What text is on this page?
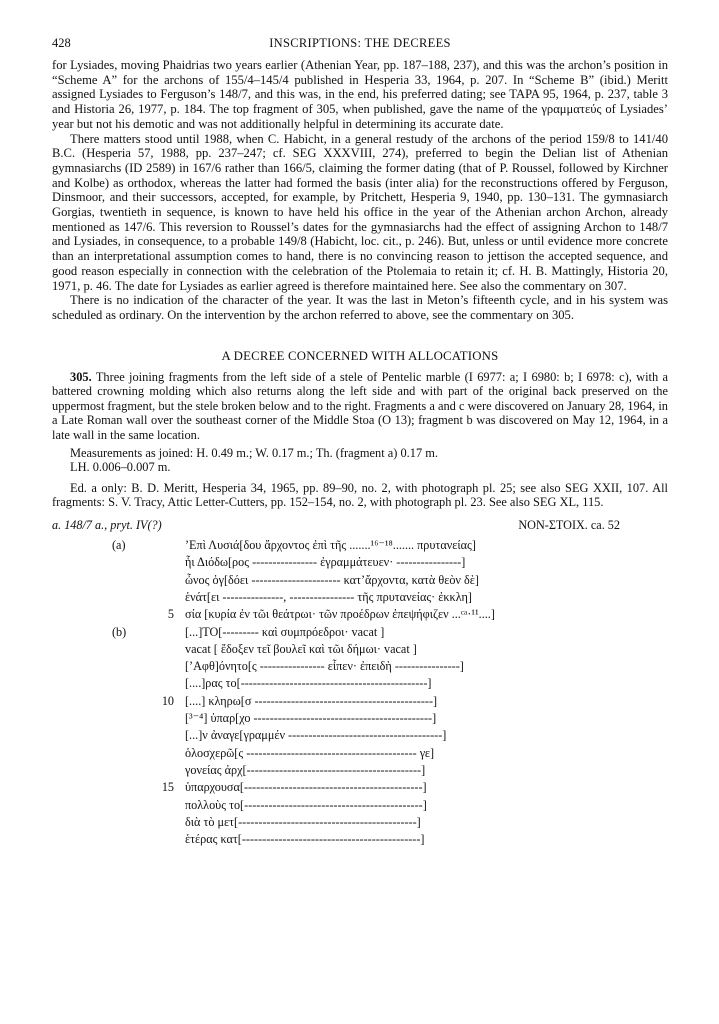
428	INSCRIPTIONS: THE DECREES

for Lysiades, moving Phaidrias two years earlier (Athenian Year, pp. 187–188, 237), and this was the archon’s position in “Scheme A” for the archons of 155/4–145/4 published in Hesperia 33, 1964, p. 207. In “Scheme B” (ibid.) Meritt assigned Lysiades to Ferguson’s 148/7, and this was, in the end, his preferred dating; see TAPA 95, 1964, p. 237, table 3 and Historia 26, 1977, p. 184. The top fragment of 305, when published, gave the name of the γραμματεύς of Lysiades’ year but not his demotic and was not additionally helpful in determining its accurate date.

There matters stood until 1988, when C. Habicht, in a general restudy of the archons of the period 159/8 to 141/40 B.C. (Hesperia 57, 1988, pp. 237–247; cf. SEG XXXVIII, 274), preferred to begin the Delian list of Athenian gymnasiarchs (ID 2589) in 167/6 rather than 166/5, claiming the former dating (that of P. Roussel, followed by Kirchner and Kolbe) as orthodox, whereas the latter had formed the basis (inter alia) for the reconstructions offered by Ferguson, Dinsmoor, and their successors, accepted, for example, by Pritchett, Hesperia 9, 1940, pp. 130–131. The gymnasiarch Gorgias, twentieth in sequence, is known to have held his office in the year of the Athenian archon Archon, already mentioned as 147/6. This reversion to Roussel’s dates for the gymnasiarchs had the effect of assigning Archon to 148/7 and Lysiades, in consequence, to a probable 149/8 (Habicht, loc. cit., p. 246). But, unless or until evidence more concrete than an interpretational assumption comes to hand, there is no convincing reason to jettison the accepted sequence, and good reason especially in connection with the celebration of the Ptolemaia to retain it; cf. H. B. Mattingly, Historia 20, 1971, p. 46. The date for Lysiades as earlier agreed is therefore maintained here. See also the commentary on 307.

There is no indication of the character of the year. It was the last in Meton’s fifteenth cycle, and in his system was scheduled as ordinary. On the intervention by the archon referred to above, see the commentary on 305.

A DECREE CONCERNED WITH ALLOCATIONS

305. Three joining fragments from the left side of a stele of Pentelic marble (I 6977: a; I 6980: b; I 6978: c), with a battered crowning molding which also returns along the left side and with part of the original back preserved on the uppermost fragment, but the stele broken below and to the right. Fragments a and c were discovered on January 28, 1964, in a Late Roman wall over the southeast corner of the Middle Stoa (O 13); fragment b was discovered on May 12, 1964, in a late wall in the same location.

Measurements as joined: H. 0.49 m.; W. 0.17 m.; Th. (fragment a) 0.17 m.

LH. 0.006–0.007 m.

Ed. a only: B. D. Meritt, Hesperia 34, 1965, pp. 89–90, no. 2, with photograph pl. 25; see also SEG XXII, 107. All fragments: S. V. Tracy, Attic Letter-Cutters, pp. 152–154, no. 2, with photograph pl. 23. See also SEG XL, 115.

a. 148/7 a., pryt. IV(?)	NON-ΣΤΟΙΧ. ca. 52
(a)	’Επὶ Λυσιά[δου ἄρχοντος ἐπὶ τῆς .......¹⁶⁻¹⁸....... πρυτανείας]
ἧι Διόδω[ρος ---------------- ἐγραμμάτευεν· ----------------]
ὦνος ὀγ[δόει ---------------------- κατ’ἄρχοντα, κατὰ θεὸν δὲ]
ἑνάτ[ει ---------------, ---------------- τῆς πρυτανείας· ἐκκλη]
5 σία [κυρία ἐν τῶι θεάτρωι· τῶν προέδρων ἐπεψήφιζεν ...ᶜᵃ·¹¹....]
(b)	[...]ΤΟ[--------- καὶ συμπρόεδροι· vacat ]
vacat [ ἔδοξεν τεῖ βουλεῖ καὶ τῶι δήμωι· vacat ]
[’Αφθ]όνητο[ς ---------------- εἶπεν· ἐπειδὴ ----------------]
[....]ρας το[----------------------------------------------]
10 [....] κληρω[σ --------------------------------------------]
[³⁻⁴] ὑπαρ[χο --------------------------------------------]
[...]ν ἀναγε[γραμμέν --------------------------------------]
ὁλοσχερῶ[ς ------------------------------------------ γε]
γονείας ἀρχ[-------------------------------------------]
15 ὑπαρχουσα[--------------------------------------------]
πολλοὺς το[--------------------------------------------]
διὰ τὸ μετ[--------------------------------------------]
ἑτέρας κατ[--------------------------------------------]
